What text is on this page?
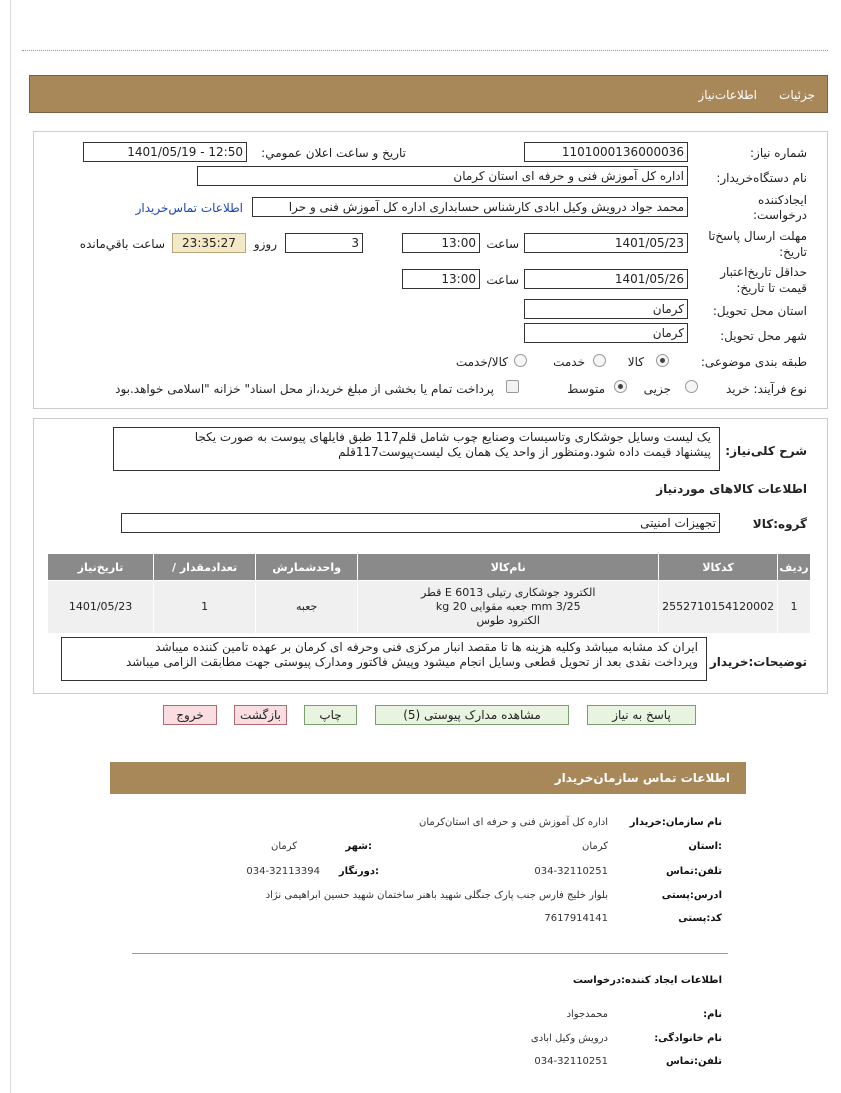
جزئیات
اطلاعات‌نیاز
شماره نیاز:
1101000136000036
تاریخ و ساعت اعلان عمومي:
1401/05/19 - 12:50
نام دستگاه‌خریدار:
اداره کل آموزش فنی و حرفه ای استان کرمان
ایجادکننده
درخواست:
محمد جواد درویش وکیل ابادی کارشناس حسابداری اداره کل آموزش فنی و حرا
اطلاعات تماس‌خریدار
مهلت ارسال پاسخ‌تا
تاریخ:
1401/05/23
ساعت
13:00
3
روزو
23:35:27
ساعت باقي‌مانده
حداقل تاریخ‌اعتبار
قیمت تا تاریخ:
1401/05/26
ساعت
13:00
استان محل تحویل:
کرمان
شهر محل تحویل:
کرمان
طبقه بندی موضوعی:
کالا
خدمت
کالا/خدمت
نوع فرآیند: خرید
جزیی
متوسط
پرداخت تمام یا بخشی از مبلغ خرید،از محل اسناد" خزانه "اسلامی خواهد.بود
شرح کلی‌نیاز:
یک لیست وسایل جوشکاری وتاسیسات وصنایع چوب شامل قلم117 طبق فایلهای پیوست به صورت یکجا
پیشنهاد قیمت داده شود.ومنظور از واحد یک همان یک لیست‌پیوست117قلم
اطلاعات کالاهای موردنیاز
گروه:کالا
تجهیزات امنیتی
ردیف	کدکالا	نام‌کالا	واحدشمارش	تعدادمقدار /	تاریخ‌نیاز
1	2552710154120002	الکترود جوشکاری رتیلی E 6013 قطر
3/25 mm جعبه مقوایی 20 kg
الکترود طوس	جعبه	1	1401/05/23
توضیحات:خریدار
ایران کد مشابه میباشد وکلیه هزینه ها تا مقصد انبار مرکزی فنی وحرفه ای کرمان بر عهده تامین کننده میباشد
وپرداخت نقدی بعد از تحویل قطعی وسایل انجام میشود وپیش فاکتور ومدارک پیوستی جهت مطابقت الزامی میباشد
پاسخ به نیاز
مشاهده مدارک پیوستی (5)
چاپ
بازگشت
خروج
اطلاعات تماس سازمان‌خریدار
نام سازمان:خریدار
اداره کل آموزش فنی و حرفه ای استان‌کرمان
:استان
کرمان
:شهر
کرمان
تلفن:تماس
034-32110251
:دورنگار
034-32113394
ادرس:پستی
بلوار خلیج فارس جنب پارک جنگلی شهید باهنر ساختمان شهید حسین ابراهیمی نژاد
کد:پستی
7617914141
اطلاعات ایجاد کننده:درخواست
نام:
محمدجواد
نام خانوادگی:
درویش وکیل ابادی
تلفن:تماس
034-32110251
